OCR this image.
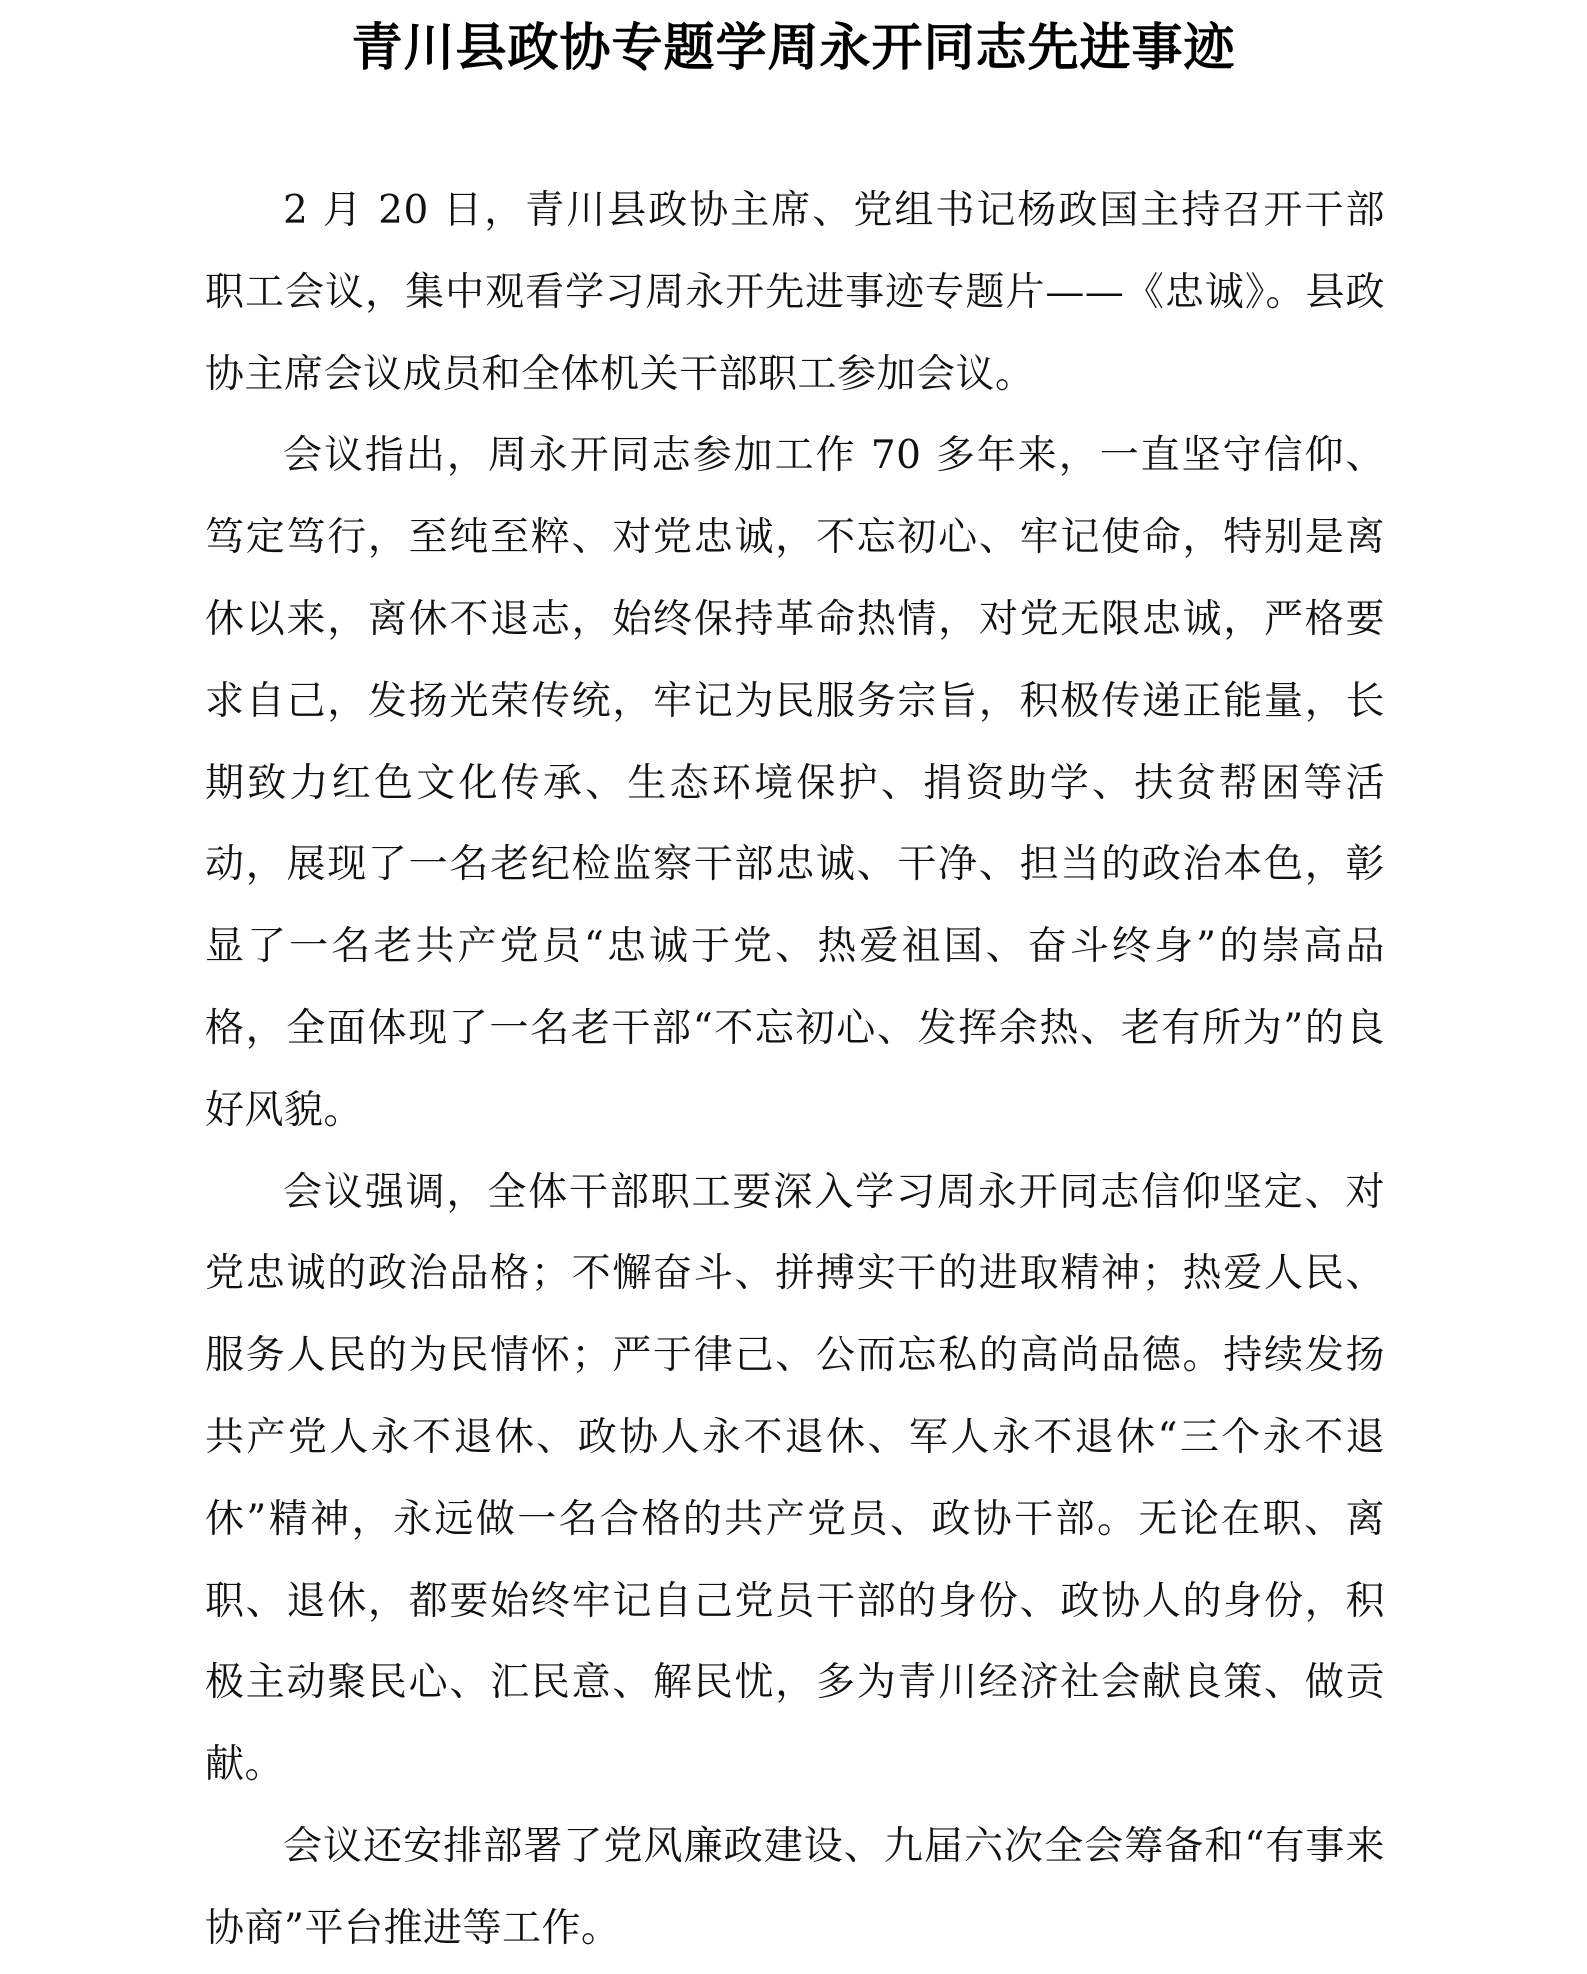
青川县政协专题学周永开同志先进事迹

2 月 20 日，青川县政协主席、党组书记杨政国主持召开干部职工会议，集中观看学习周永开先进事迹专题片——《忠诚》。县政协主席会议成员和全体机关干部职工参加会议。

会议指出，周永开同志参加工作 70 多年来，一直坚守信仰、笃定笃行，至纯至粹、对党忠诚，不忘初心、牢记使命，特别是离休以来，离休不退志，始终保持革命热情，对党无限忠诚，严格要求自己，发扬光荣传统，牢记为民服务宗旨，积极传递正能量，长期致力红色文化传承、生态环境保护、捐资助学、扶贫帮困等活动，展现了一名老纪检监察干部忠诚、干净、担当的政治本色，彰显了一名老共产党员“忠诚于党、热爱祖国、奋斗终身”的崇高品格，全面体现了一名老干部“不忘初心、发挥余热、老有所为”的良好风貌。

会议强调，全体干部职工要深入学习周永开同志信仰坚定、对党忠诚的政治品格；不懈奋斗、拼搏实干的进取精神；热爱人民、服务人民的为民情怀；严于律己、公而忘私的高尚品德。持续发扬共产党人永不退休、政协人永不退休、军人永不退休“三个永不退休”精神，永远做一名合格的共产党员、政协干部。无论在职、离职、退休，都要始终牢记自己党员干部的身份、政协人的身份，积极主动聚民心、汇民意、解民忧，多为青川经济社会献良策、做贡献。

会议还安排部署了党风廉政建设、九届六次全会筹备和“有事来协商”平台推进等工作。
